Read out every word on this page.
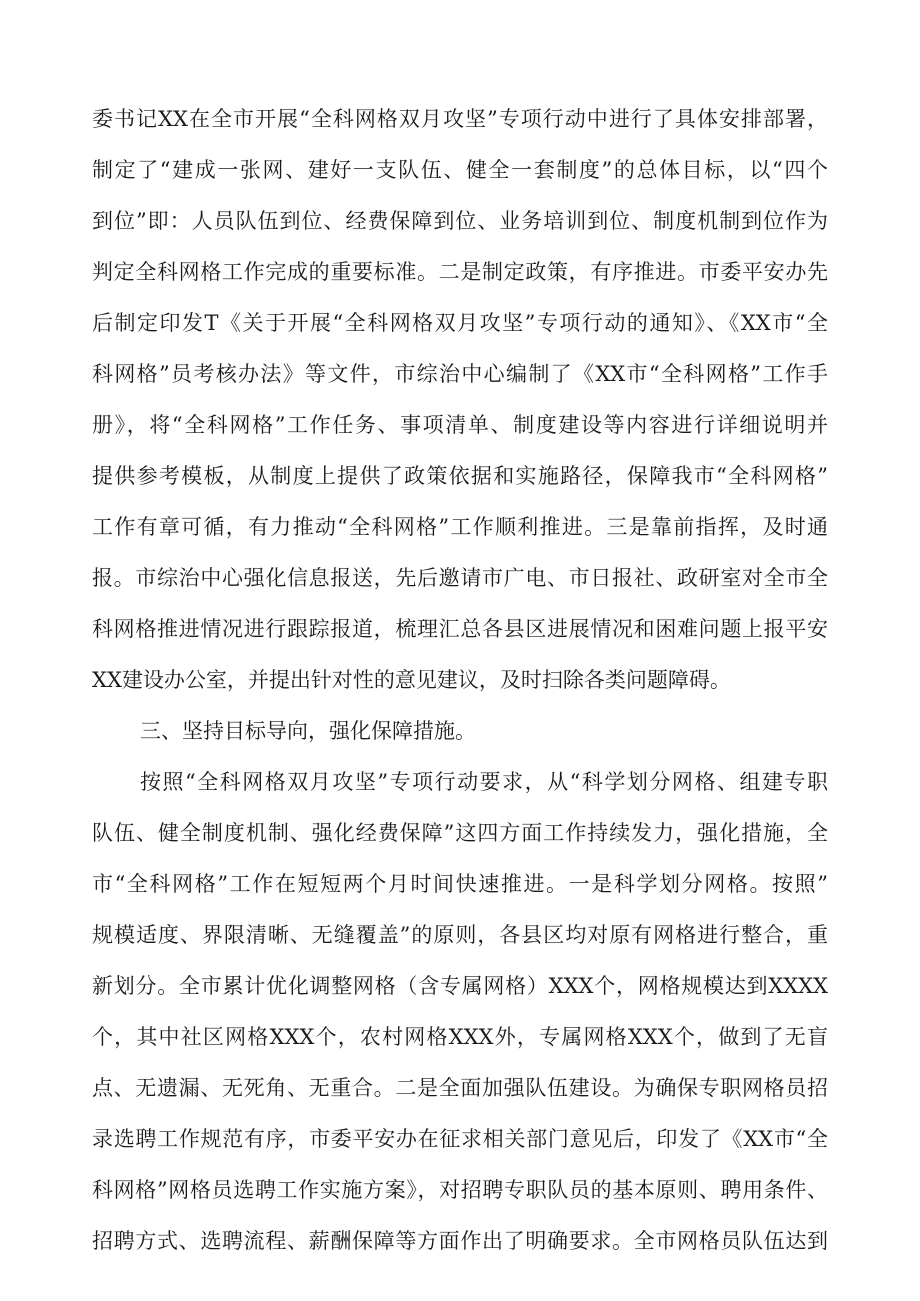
委书记XX在全市开展“全科网格双月攻坚”专项行动中进行了具体安排部署，
制定了“建成一张网、建好一支队伍、健全一套制度”的总体目标，以“四个
到位”即：人员队伍到位、经费保障到位、业务培训到位、制度机制到位作为
判定全科网格工作完成的重要标准。二是制定政策，有序推进。市委平安办先
后制定印发T《关于开展“全科网格双月攻坚”专项行动的通知》、《XX市“全
科网格”员考核办法》等文件，市综治中心编制了《XX市“全科网格”工作手
册》，将“全科网格”工作任务、事项清单、制度建设等内容进行详细说明并
提供参考模板，从制度上提供了政策依据和实施路径，保障我市“全科网格”
工作有章可循，有力推动“全科网格”工作顺利推进。三是靠前指挥，及时通
报。市综治中心强化信息报送，先后邀请市广电、市日报社、政研室对全市全
科网格推进情况进行跟踪报道，梳理汇总各县区进展情况和困难问题上报平安
XX建设办公室，并提出针对性的意见建议，及时扫除各类问题障碍。
三、坚持目标导向，强化保障措施。
按照“全科网格双月攻坚”专项行动要求，从“科学划分网格、组建专职
队伍、健全制度机制、强化经费保障”这四方面工作持续发力，强化措施，全
市“全科网格”工作在短短两个月时间快速推进。一是科学划分网格。按照”
规模适度、界限清晰、无缝覆盖”的原则，各县区均对原有网格进行整合，重
新划分。全市累计优化调整网格（含专属网格）XXX个，网格规模达到XXXX
个，其中社区网格XXX个，农村网格XXX外，专属网格XXX个，做到了无盲
点、无遗漏、无死角、无重合。二是全面加强队伍建设。为确保专职网格员招
录选聘工作规范有序，市委平安办在征求相关部门意见后，印发了《XX市“全
科网格”网格员选聘工作实施方案》，对招聘专职队员的基本原则、聘用条件、
招聘方式、选聘流程、薪酬保障等方面作出了明确要求。全市网格员队伍达到
